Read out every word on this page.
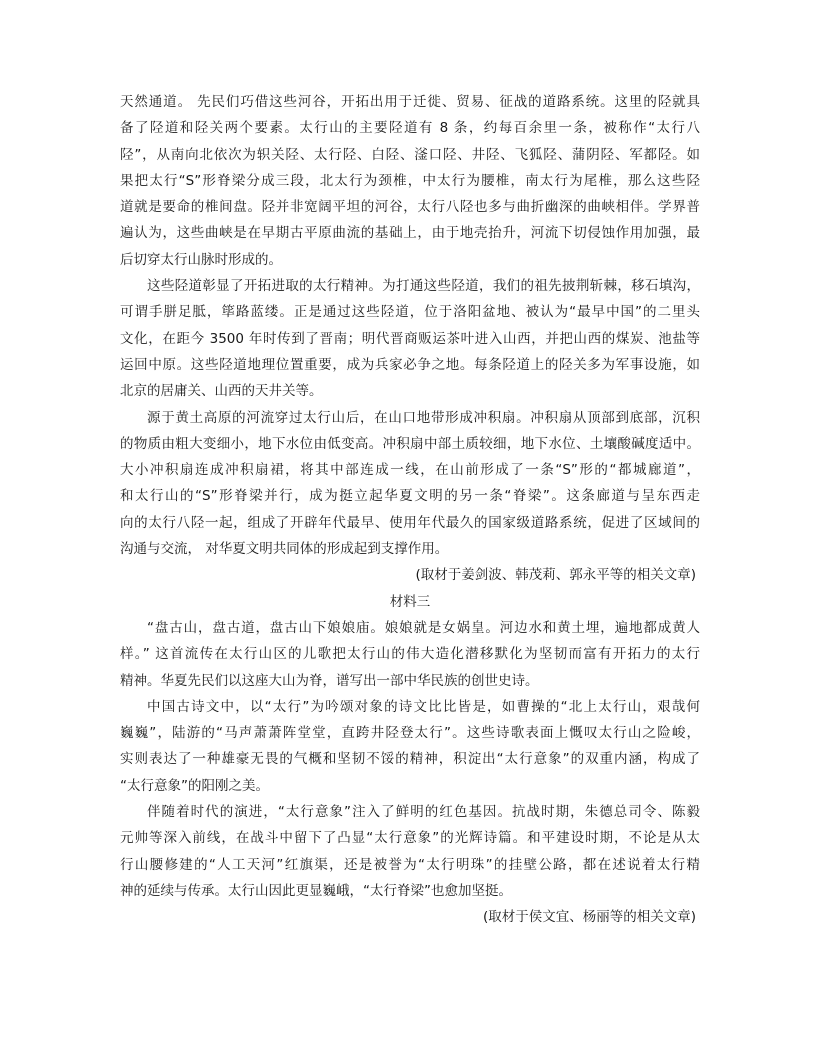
天然通道。 先民们巧借这些河谷，开拓出用于迁徙、贸易、征战的道路系统。这里的陉就具
备了陉道和陉关两个要素。太行山的主要陉道有 8 条，约每百余里一条，被称作“太行八
陉”，从南向北依次为轵关陉、太行陉、白陉、滏口陉、井陉、飞狐陉、蒲阴陉、军都陉。如
果把太行“S”形脊梁分成三段，北太行为颈椎，中太行为腰椎，南太行为尾椎，那么这些陉
道就是要命的椎间盘。陉并非宽阔平坦的河谷，太行八陉也多与曲折幽深的曲峡相伴。学界普
遍认为，这些曲峡是在早期古平原曲流的基础上，由于地壳抬升，河流下切侵蚀作用加强，最
后切穿太行山脉时形成的。
这些陉道彰显了开拓进取的太行精神。为打通这些陉道，我们的祖先披荆斩棘，移石填沟，
可谓手胼足胝，筚路蓝缕。正是通过这些陉道，位于洛阳盆地、被认为“最早中国”的二里头
文化，在距今 3500 年时传到了晋南；明代晋商贩运茶叶进入山西，并把山西的煤炭、池盐等
运回中原。这些陉道地理位置重要，成为兵家必争之地。每条陉道上的陉关多为军事设施，如
北京的居庸关、山西的天井关等。
源于黄土高原的河流穿过太行山后，在山口地带形成冲积扇。冲积扇从顶部到底部，沉积
的物质由粗大变细小，地下水位由低变高。冲积扇中部土质较细，地下水位、土壤酸碱度适中。
大小冲积扇连成冲积扇裙，将其中部连成一线，在山前形成了一条“S”形的“都城廊道”，
和太行山的“S”形脊梁并行，成为挺立起华夏文明的另一条“脊梁”。这条廊道与呈东西走
向的太行八陉一起，组成了开辟年代最早、使用年代最久的国家级道路系统，促进了区域间的
沟通与交流， 对华夏文明共同体的形成起到支撑作用。
(取材于姜剑波、韩茂莉、郭永平等的相关文章)
材料三
“盘古山，盘古道，盘古山下娘娘庙。娘娘就是女娲皇。河边水和黄土埋，遍地都成黄人
样。” 这首流传在太行山区的儿歌把太行山的伟大造化潜移默化为坚韧而富有开拓力的太行
精神。华夏先民们以这座大山为脊，谱写出一部中华民族的创世史诗。
中国古诗文中，以“太行”为吟颂对象的诗文比比皆是，如曹操的“北上太行山，艰哉何
巍巍”，陆游的“马声萧萧阵堂堂，直跨井陉登太行”。这些诗歌表面上慨叹太行山之险峻，
实则表达了一种雄豪无畏的气概和坚韧不馁的精神，积淀出“太行意象”的双重内涵，构成了
“太行意象”的阳刚之美。
伴随着时代的演进，“太行意象”注入了鲜明的红色基因。抗战时期，朱德总司令、陈毅
元帅等深入前线，在战斗中留下了凸显“太行意象”的光辉诗篇。和平建设时期，不论是从太
行山腰修建的“人工天河”红旗渠，还是被誉为“太行明珠”的挂壁公路，都在述说着太行精
神的延续与传承。太行山因此更显巍峨，“太行脊梁”也愈加坚挺。
(取材于侯文宜、杨丽等的相关文章)
